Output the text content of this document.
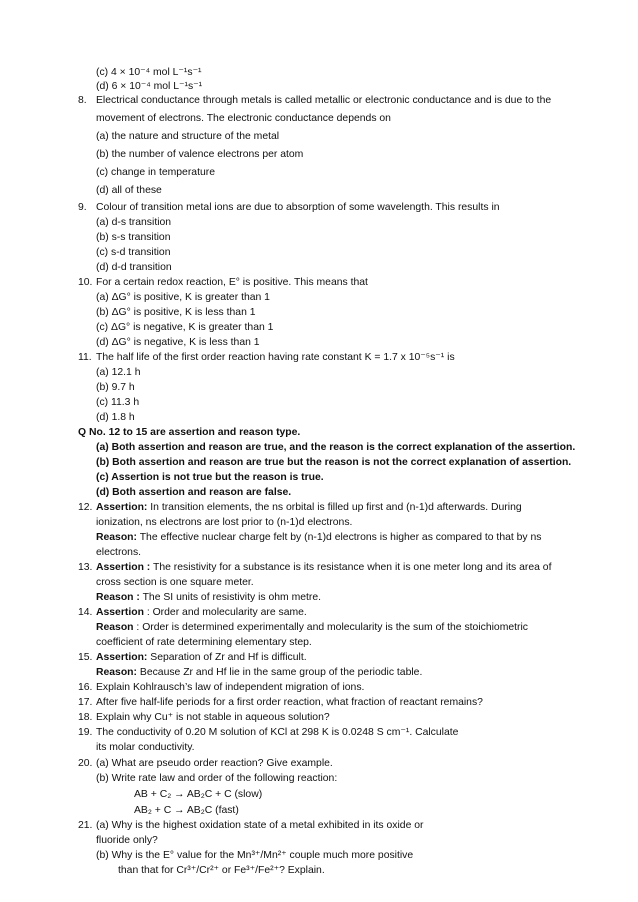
(c) 4 × 10⁻⁴ mol L⁻¹s⁻¹
(d) 6 × 10⁻⁴ mol L⁻¹s⁻¹
8. Electrical conductance through metals is called metallic or electronic conductance and is due to the
movement of electrons. The electronic conductance depends on
(a) the nature and structure of the metal
(b) the number of valence electrons per atom
(c) change in temperature
(d) all of these
9. Colour of transition metal ions are due to absorption of some wavelength. This results in
(a) d-s transition
(b) s-s transition
(c) s-d transition
(d) d-d transition
10. For a certain redox reaction, E° is positive. This means that
(a) ΔG° is positive, K is greater than 1
(b) ΔG° is positive, K is less than 1
(c) ΔG° is negative, K is greater than 1
(d) ΔG° is negative, K is less than 1
11. The half life of the first order reaction having rate constant K = 1.7 x 10⁻⁵s⁻¹ is
(a) 12.1 h
(b) 9.7 h
(c) 11.3 h
(d) 1.8 h
Q No. 12 to 15 are assertion and reason type.
(a) Both assertion and reason are true, and the reason is the correct explanation of the assertion.
(b) Both assertion and reason are true but the reason is not the correct explanation of assertion.
(c) Assertion is not true but the reason is true.
(d) Both assertion and reason are false.
12. Assertion: In transition elements, the ns orbital is filled up first and (n-1)d afterwards. During
ionization, ns electrons are lost prior to (n-1)d electrons.
Reason: The effective nuclear charge felt by (n-1)d electrons is higher as compared to that by ns
electrons.
13. Assertion : The resistivity for a substance is its resistance when it is one meter long and its area of
cross section is one square meter.
Reason : The SI units of resistivity is ohm metre.
14. Assertion : Order and molecularity are same.
Reason : Order is determined experimentally and molecularity is the sum of the stoichiometric
coefficient of rate determining elementary step.
15. Assertion: Separation of Zr and Hf is difficult.
Reason: Because Zr and Hf lie in the same group of the periodic table.
16. Explain Kohlrausch’s law of independent migration of ions.
17. After five half-life periods for a first order reaction, what fraction of reactant remains?
18. Explain why Cu⁺ is not stable in aqueous solution?
19. The conductivity of 0.20 M solution of KCl at 298 K is 0.0248 S cm⁻¹. Calculate
its molar conductivity.
20. (a) What are pseudo order reaction? Give example.
(b) Write rate law and order of the following reaction:
AB + C₂ → AB₂C + C (slow)
AB₂ + C → AB₂C (fast)
21. (a) Why is the highest oxidation state of a metal exhibited in its oxide or
fluoride only?
(b) Why is the E° value for the Mn³⁺/Mn²⁺ couple much more positive
than that for Cr³⁺/Cr²⁺ or Fe³⁺/Fe²⁺? Explain.
